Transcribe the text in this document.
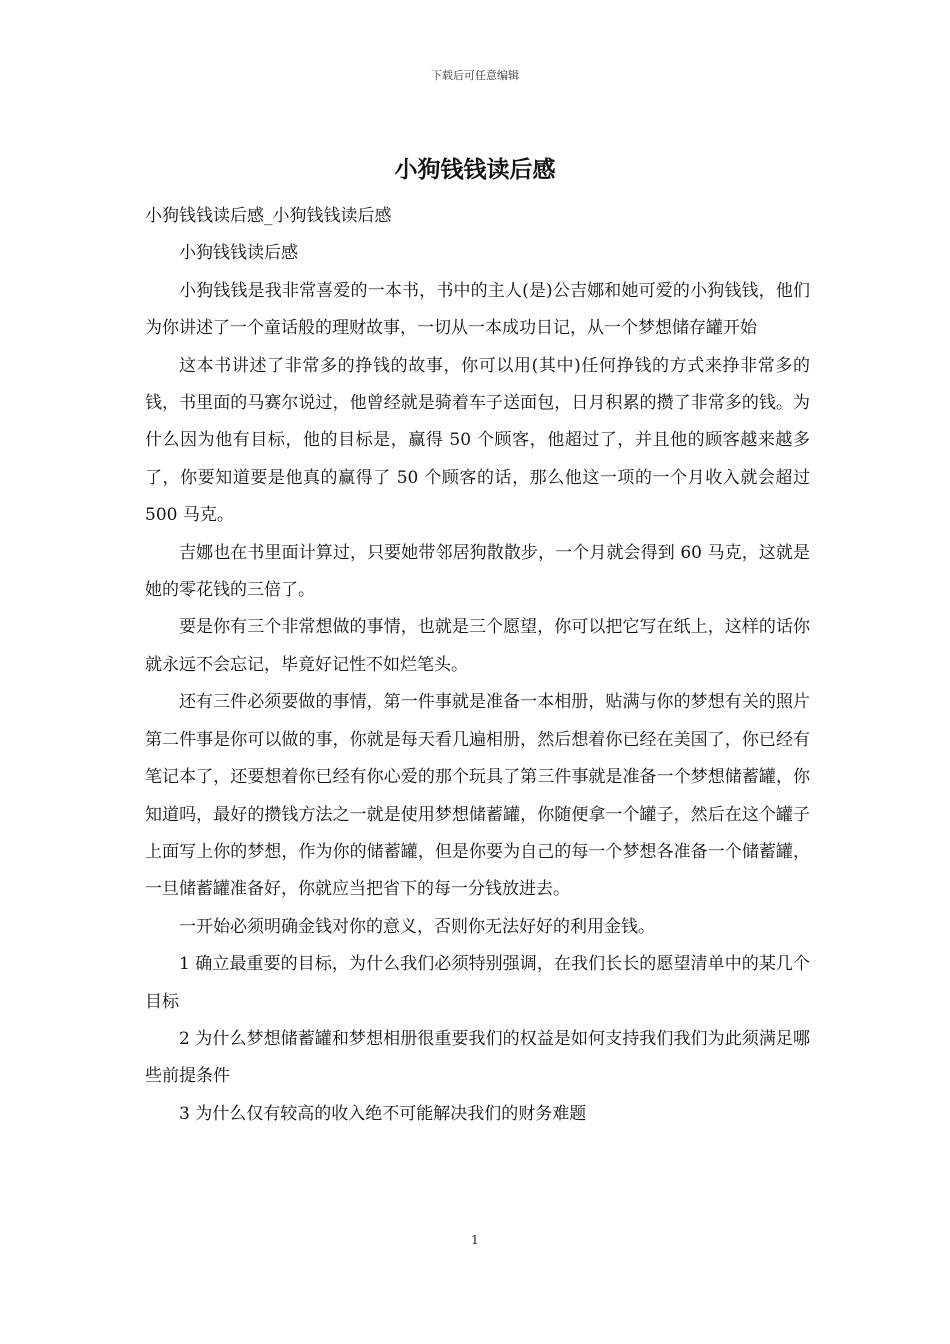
下载后可任意编辑
小狗钱钱读后感

小狗钱钱读后感_小狗钱钱读后感

小狗钱钱读后感

小狗钱钱是我非常喜爱的一本书，书中的主人(是)公吉娜和她可爱的小狗钱钱，他们为你讲述了一个童话般的理财故事，一切从一本成功日记，从一个梦想储存罐开始

这本书讲述了非常多的挣钱的故事，你可以用(其中)任何挣钱的方式来挣非常多的钱，书里面的马赛尔说过，他曾经就是骑着车子送面包，日月积累的攒了非常多的钱。为什么因为他有目标，他的目标是，赢得 50 个顾客，他超过了，并且他的顾客越来越多了，你要知道要是他真的赢得了 50 个顾客的话，那么他这一项的一个月收入就会超过 500 马克。

吉娜也在书里面计算过，只要她带邻居狗散散步，一个月就会得到 60 马克，这就是她的零花钱的三倍了。

要是你有三个非常想做的事情，也就是三个愿望，你可以把它写在纸上，这样的话你就永远不会忘记，毕竟好记性不如烂笔头。

还有三件必须要做的事情，第一件事就是准备一本相册，贴满与你的梦想有关的照片第二件事是你可以做的事，你就是每天看几遍相册，然后想着你已经在美国了，你已经有笔记本了，还要想着你已经有你心爱的那个玩具了第三件事就是准备一个梦想储蓄罐，你知道吗，最好的攒钱方法之一就是使用梦想储蓄罐，你随便拿一个罐子，然后在这个罐子上面写上你的梦想，作为你的储蓄罐，但是你要为自己的每一个梦想各准备一个储蓄罐，一旦储蓄罐准备好，你就应当把省下的每一分钱放进去。

一开始必须明确金钱对你的意义，否则你无法好好的利用金钱。

1 确立最重要的目标，为什么我们必须特别强调，在我们长长的愿望清单中的某几个目标

2 为什么梦想储蓄罐和梦想相册很重要我们的权益是如何支持我们我们为此须满足哪些前提条件

3 为什么仅有较高的收入绝不可能解决我们的财务难题

1
